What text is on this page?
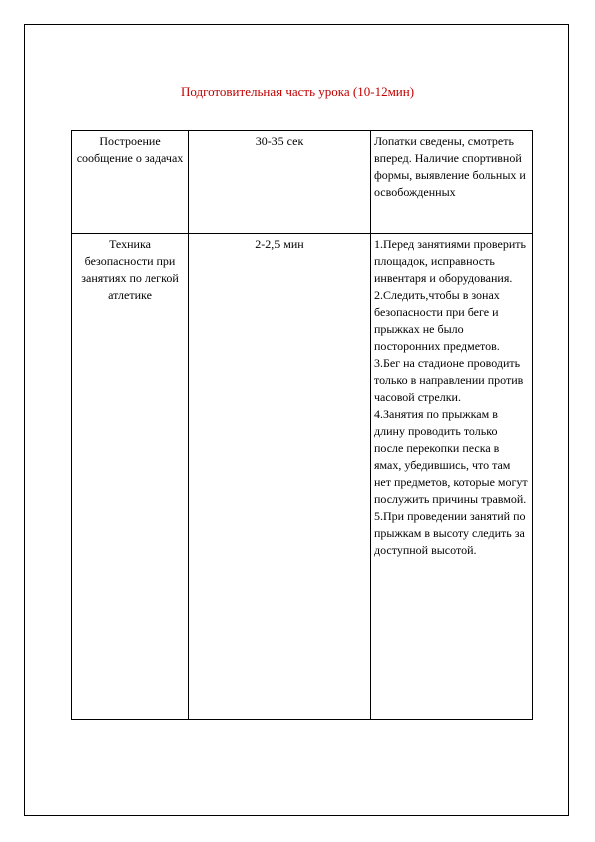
Подготовительная часть урока (10-12мин)
Построение сообщение о задачах	30-35 сек	Лопатки сведены, смотреть вперед. Наличие спортивной формы, выявление больных и освобожденных

Техника безопасности при занятиях по легкой атлетике	2-2,5 мин	1.Перед занятиями проверить площадок, исправность инвентаря и оборудования.
2.Следить,чтобы в зонах безопасности при беге и прыжках не было посторонних предметов.
3.Бег на стадионе проводить только в направлении против часовой стрелки.
4.Занятия по прыжкам в длину проводить только после перекопки песка в ямах, убедившись, что там нет предметов, которые могут послужить причины травмой.
5.При проведении занятий по прыжкам в высоту следить за доступной высотой.
